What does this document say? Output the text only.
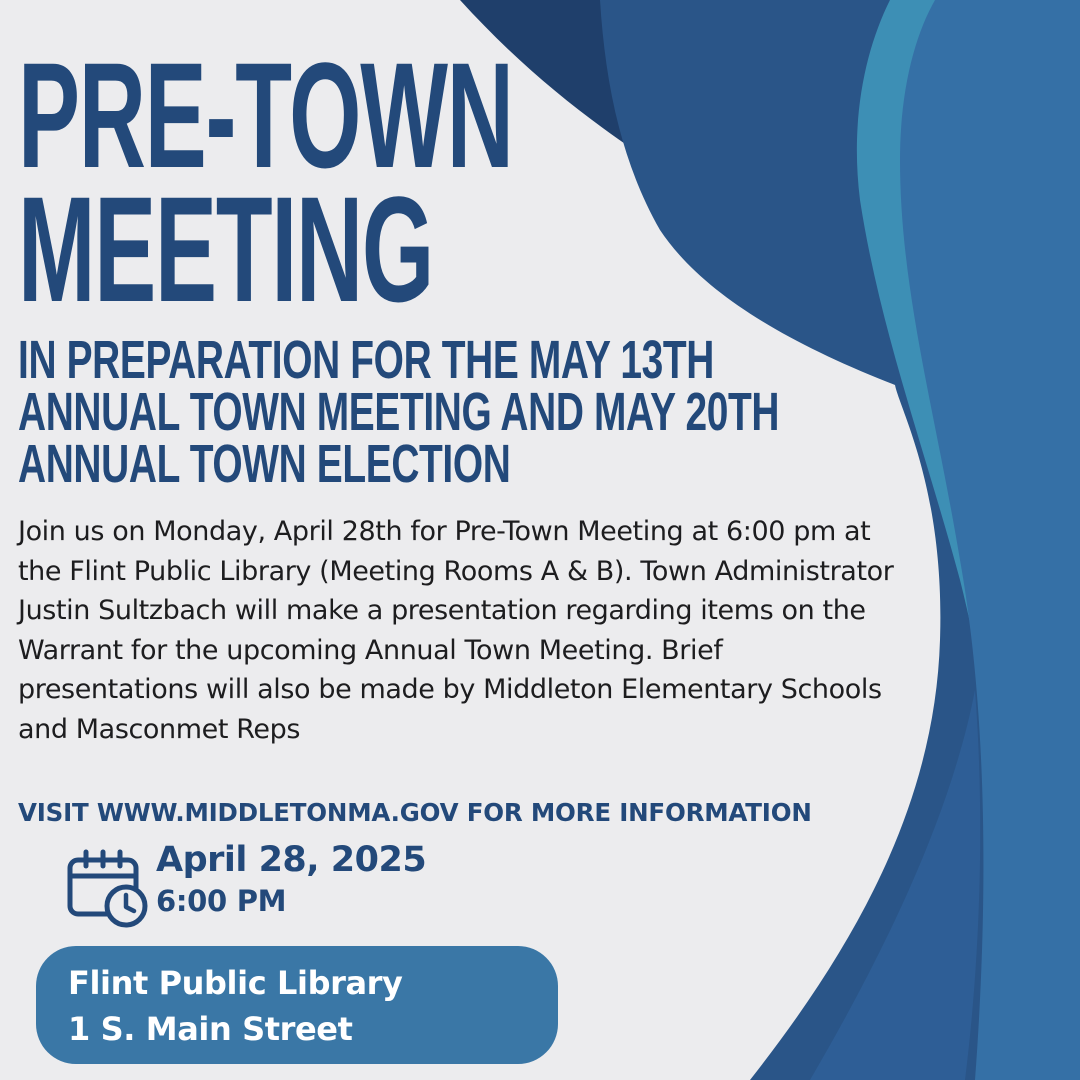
PRE-TOWN
MEETING
IN PREPARATION FOR THE MAY 13TH
ANNUAL TOWN MEETING AND MAY 20TH
ANNUAL TOWN ELECTION

Join us on Monday, April 28th for Pre-Town Meeting at 6:00 pm at the Flint Public Library (Meeting Rooms A & B). Town Administrator Justin Sultzbach will make a presentation regarding items on the Warrant for the upcoming Annual Town Meeting. Brief presentations will also be made by Middleton Elementary Schools and Masconmet Reps

VISIT WWW.MIDDLETONMA.GOV FOR MORE INFORMATION

April 28, 2025

6:00 PM

Flint Public Library
1 S. Main Street
